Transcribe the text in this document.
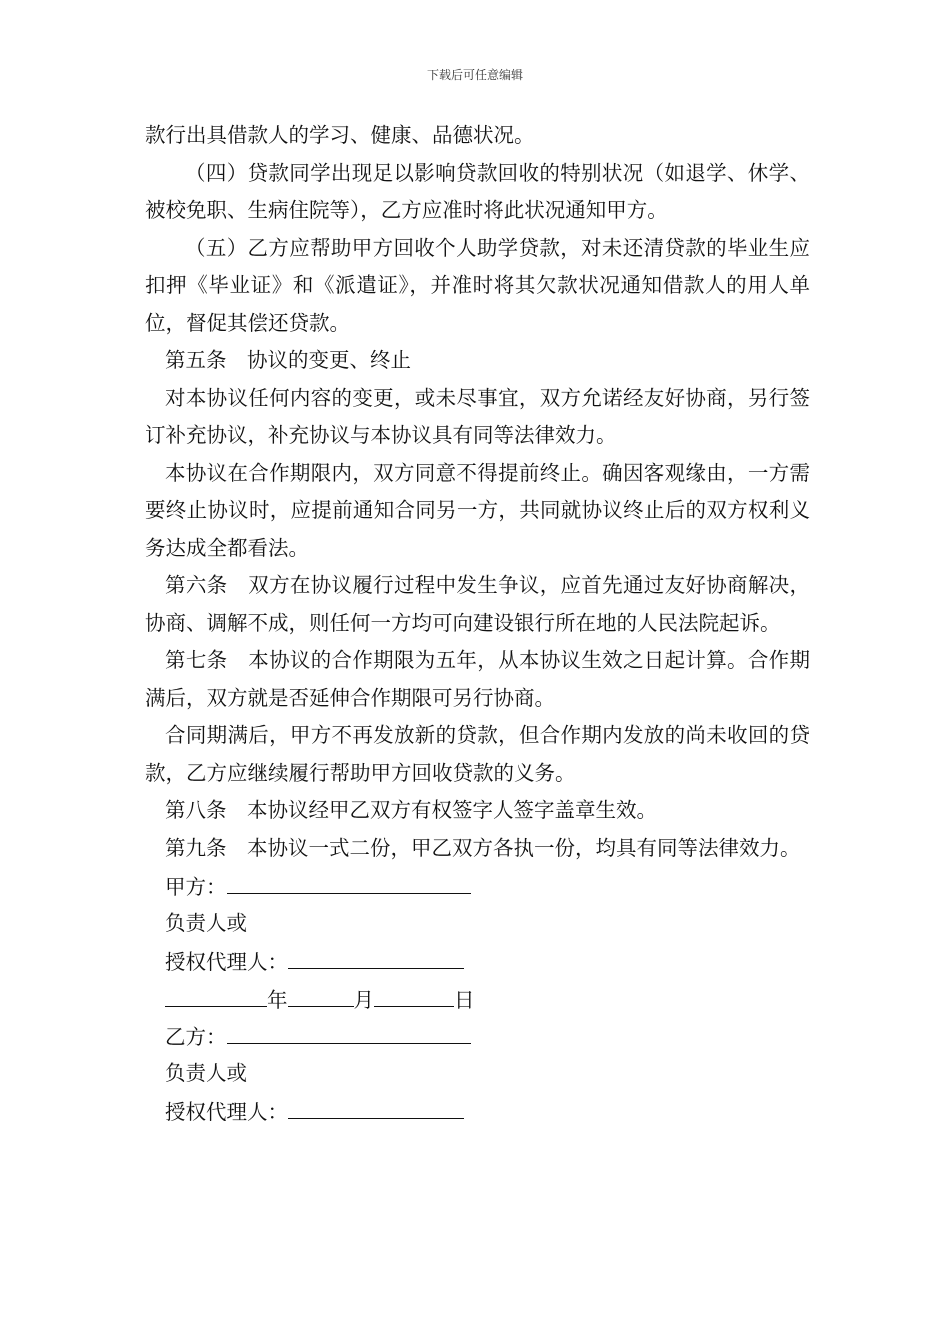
下载后可任意编辑

款行出具借款人的学习、健康、品德状况。

（四）贷款同学出现足以影响贷款回收的特别状况（如退学、休学、被校免职、生病住院等），乙方应准时将此状况通知甲方。

（五）乙方应帮助甲方回收个人助学贷款，对未还清贷款的毕业生应扣押《毕业证》和《派遣证》，并准时将其欠款状况通知借款人的用人单位，督促其偿还贷款。

第五条　协议的变更、终止

对本协议任何内容的变更，或未尽事宜，双方允诺经友好协商，另行签订补充协议，补充协议与本协议具有同等法律效力。

本协议在合作期限内，双方同意不得提前终止。确因客观缘由，一方需要终止协议时，应提前通知合同另一方，共同就协议终止后的双方权利义务达成全都看法。

第六条　双方在协议履行过程中发生争议，应首先通过友好协商解决，协商、调解不成，则任何一方均可向建设银行所在地的人民法院起诉。

第七条　本协议的合作期限为五年，从本协议生效之日起计算。合作期满后，双方就是否延伸合作期限可另行协商。

合同期满后，甲方不再发放新的贷款，但合作期内发放的尚未收回的贷款，乙方应继续履行帮助甲方回收贷款的义务。

第八条　本协议经甲乙双方有权签字人签字盖章生效。

第九条　本协议一式二份，甲乙双方各执一份，均具有同等法律效力。

甲方：

负责人或

授权代理人：

年	月	日

乙方：

负责人或

授权代理人：
